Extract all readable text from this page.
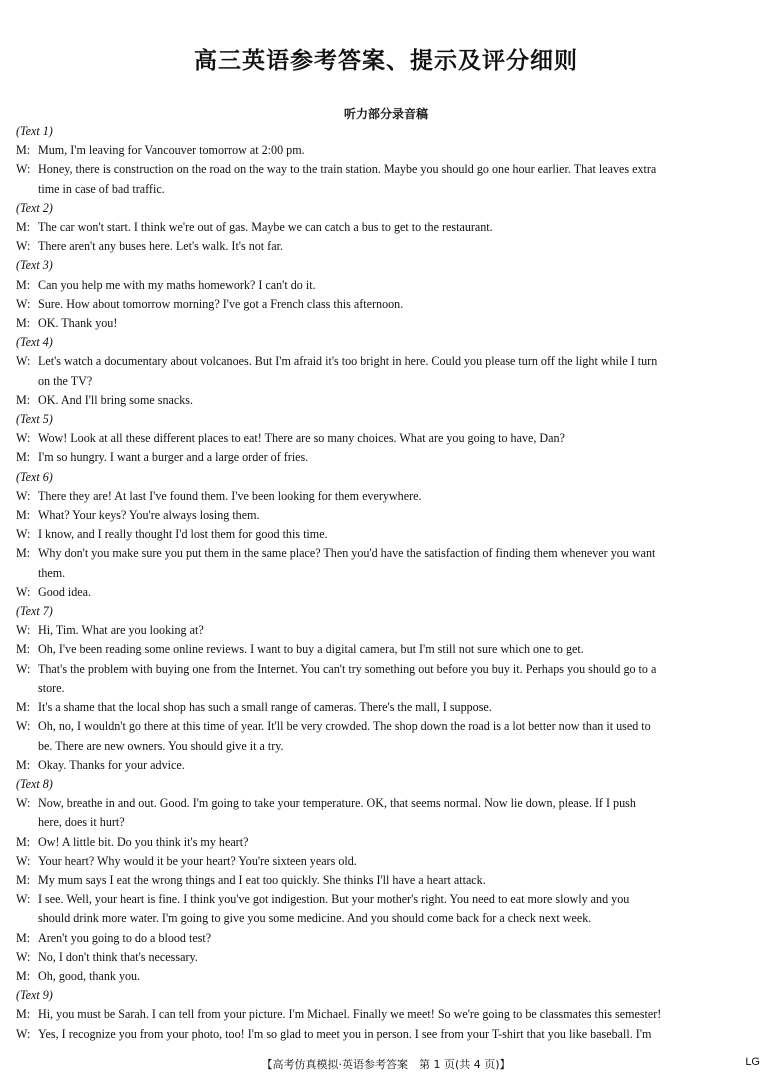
高三英语参考答案、提示及评分细则
听力部分录音稿
(Text 1)
M: Mum, I'm leaving for Vancouver tomorrow at 2:00 pm.
W: Honey, there is construction on the road on the way to the train station. Maybe you should go one hour earlier. That leaves extra
time in case of bad traffic.
(Text 2)
M: The car won't start. I think we're out of gas. Maybe we can catch a bus to get to the restaurant.
W: There aren't any buses here. Let's walk. It's not far.
(Text 3)
M: Can you help me with my maths homework? I can't do it.
W: Sure. How about tomorrow morning? I've got a French class this afternoon.
M: OK. Thank you!
(Text 4)
W: Let's watch a documentary about volcanoes. But I'm afraid it's too bright in here. Could you please turn off the light while I turn
on the TV?
M: OK. And I'll bring some snacks.
(Text 5)
W: Wow! Look at all these different places to eat! There are so many choices. What are you going to have, Dan?
M: I'm so hungry. I want a burger and a large order of fries.
(Text 6)
W: There they are! At last I've found them. I've been looking for them everywhere.
M: What? Your keys? You're always losing them.
W: I know, and I really thought I'd lost them for good this time.
M: Why don't you make sure you put them in the same place? Then you'd have the satisfaction of finding them whenever you want
them.
W: Good idea.
(Text 7)
W: Hi, Tim. What are you looking at?
M: Oh, I've been reading some online reviews. I want to buy a digital camera, but I'm still not sure which one to get.
W: That's the problem with buying one from the Internet. You can't try something out before you buy it. Perhaps you should go to a
store.
M: It's a shame that the local shop has such a small range of cameras. There's the mall, I suppose.
W: Oh, no, I wouldn't go there at this time of year. It'll be very crowded. The shop down the road is a lot better now than it used to
be. There are new owners. You should give it a try.
M: Okay. Thanks for your advice.
(Text 8)
W: Now, breathe in and out. Good. I'm going to take your temperature. OK, that seems normal. Now lie down, please. If I push
here, does it hurt?
M: Ow! A little bit. Do you think it's my heart?
W: Your heart? Why would it be your heart? You're sixteen years old.
M: My mum says I eat the wrong things and I eat too quickly. She thinks I'll have a heart attack.
W: I see. Well, your heart is fine. I think you've got indigestion. But your mother's right. You need to eat more slowly and you
should drink more water. I'm going to give you some medicine. And you should come back for a check next week.
M: Aren't you going to do a blood test?
W: No, I don't think that's necessary.
M: Oh, good, thank you.
(Text 9)
M: Hi, you must be Sarah. I can tell from your picture. I'm Michael. Finally we meet! So we're going to be classmates this semester!
W: Yes, I recognize you from your photo, too! I'm so glad to meet you in person. I see from your T-shirt that you like baseball. I'm
【高考仿真模拟·英语参考答案　第 1 页(共 4 页)】	LG
